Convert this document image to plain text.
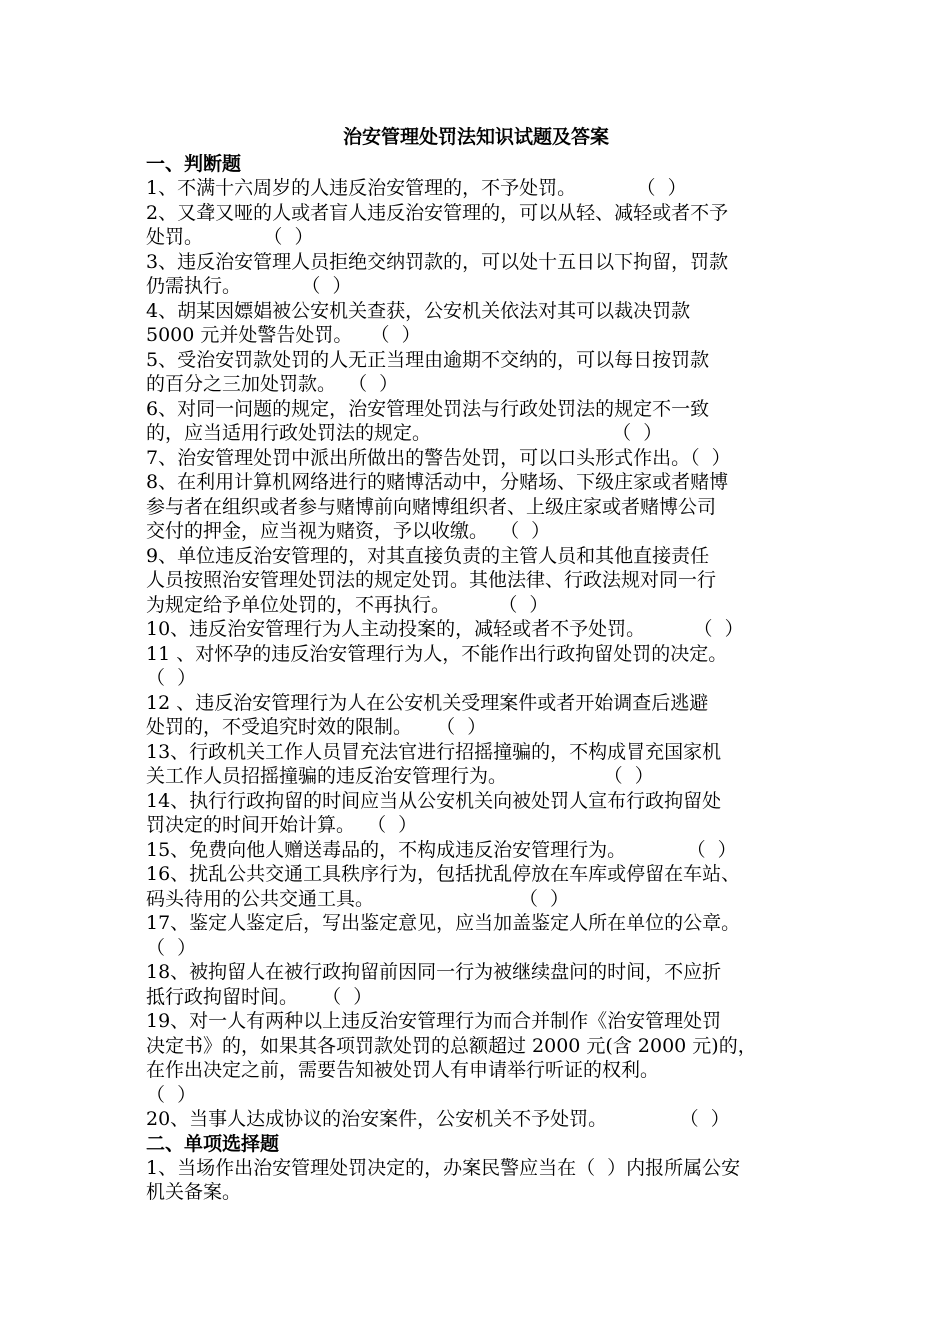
治安管理处罚法知识试题及答案
一、判断题
1、不满十六周岁的人违反治安管理的，不予处罚。          （  ）
2、又聋又哑的人或者盲人违反治安管理的，可以从轻、减轻或者不予
处罚。          （  ）
3、违反治安管理人员拒绝交纳罚款的，可以处十五日以下拘留，罚款
仍需执行。          （  ）
4、胡某因嫖娼被公安机关查获，公安机关依法对其可以裁决罚款
5000 元并处警告处罚。   （  ）
5、受治安罚款处罚的人无正当理由逾期不交纳的，可以每日按罚款
的百分之三加处罚款。  （  ）
6、对同一问题的规定，治安管理处罚法与行政处罚法的规定不一致
的，应当适用行政处罚法的规定。                              （  ）
7、治安管理处罚中派出所做出的警告处罚，可以口头形式作出。（  ）
8、在利用计算机网络进行的赌博活动中，分赌场、下级庄家或者赌博
参与者在组织或者参与赌博前向赌博组织者、上级庄家或者赌博公司
交付的押金，应当视为赌资，予以收缴。  （  ）
9、单位违反治安管理的，对其直接负责的主管人员和其他直接责任
人员按照治安管理处罚法的规定处罚。其他法律、行政法规对同一行
为规定给予单位处罚的，不再执行。        （  ）
10、违反治安管理行为人主动投案的，减轻或者不予处罚。        （  ）
11 、对怀孕的违反治安管理行为人，不能作出行政拘留处罚的决定。
（  ）
12 、违反治安管理行为人在公安机关受理案件或者开始调查后逃避
处罚的，不受追究时效的限制。    （  ）
13、行政机关工作人员冒充法官进行招摇撞骗的，不构成冒充国家机
关工作人员招摇撞骗的违反治安管理行为。                （  ）
14、执行行政拘留的时间应当从公安机关向被处罚人宣布行政拘留处
罚决定的时间开始计算。  （  ）
15、免费向他人赠送毒品的，不构成违反治安管理行为。          （  ）
16、扰乱公共交通工具秩序行为，包括扰乱停放在车库或停留在车站、
码头待用的公共交通工具。                        （  ）
17、鉴定人鉴定后，写出鉴定意见，应当加盖鉴定人所在单位的公章。
（  ）
18、被拘留人在被行政拘留前因同一行为被继续盘问的时间，不应折
抵行政拘留时间。    （  ）
19、对一人有两种以上违反治安管理行为而合并制作《治安管理处罚
决定书》的，如果其各项罚款处罚的总额超过 2000 元(含 2000 元)的，
在作出决定之前，需要告知被处罚人有申请举行听证的权利。
（  ）
20、当事人达成协议的治安案件，公安机关不予处罚。            （  ）
二、单项选择题
1、当场作出治安管理处罚决定的，办案民警应当在（  ）内报所属公安
机关备案。
